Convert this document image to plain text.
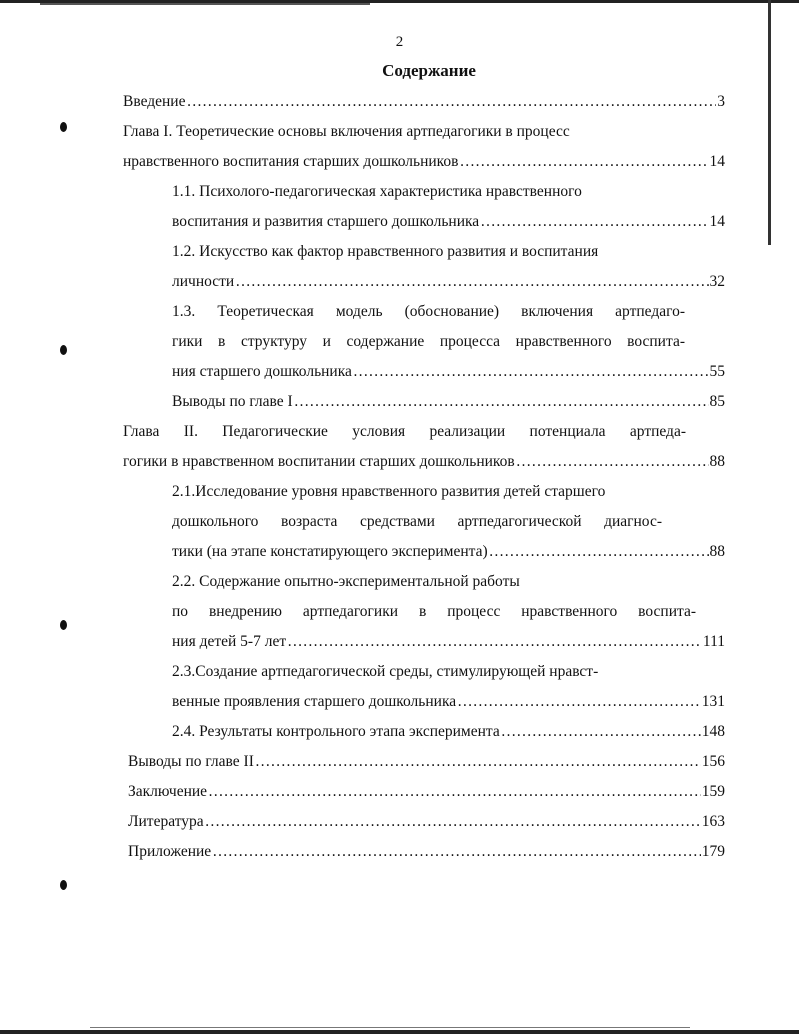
2
Содержание
Введение ……………………………………………………………………………………………………………………………………………………	3
Глава I. Теоретические основы включения артпедагогики в процесс
нравственного воспитания старших дошкольников ……………………………………………………………………………………………………………………………………………………	14
1.1. Психолого-педагогическая характеристика нравственного
воспитания и развития старшего дошкольника ……………………………………………………………………………………………………………………………………………………	14
1.2. Искусство как фактор нравственного развития и воспитания
личности ……………………………………………………………………………………………………………………………………………………	32
1.3. Теоретическая модель (обоснование) включения артпедаго-
гики в структуру и содержание процесса нравственного воспита-
ния старшего дошкольника ……………………………………………………………………………………………………………………………………………………	55
Выводы по главе I ……………………………………………………………………………………………………………………………………………………	85
Глава II. Педагогические условия реализации потенциала артпеда-
гогики в нравственном воспитании старших дошкольников ……………………………………………………………………………………………………………………………………………………	88
2.1.Исследование уровня нравственного развития детей старшего
дошкольного возраста средствами артпедагогической диагнос-
тики (на этапе констатирующего эксперимента) ……………………………………………………………………………………………………………………………………………………	88
2.2. Содержание опытно-экспериментальной работы
по внедрению артпедагогики в процесс нравственного воспита-
ния детей 5-7 лет ……………………………………………………………………………………………………………………………………………………	111
2.3.Создание артпедагогической среды, стимулирующей нравст-
венные проявления старшего дошкольника ……………………………………………………………………………………………………………………………………………………	131
2.4. Результаты контрольного этапа эксперимента ……………………………………………………………………………………………………………………………………………………	148
Выводы по главе II ……………………………………………………………………………………………………………………………………………………	156
Заключение ……………………………………………………………………………………………………………………………………………………	159
Литература ……………………………………………………………………………………………………………………………………………………	163
Приложение ……………………………………………………………………………………………………………………………………………………	179
